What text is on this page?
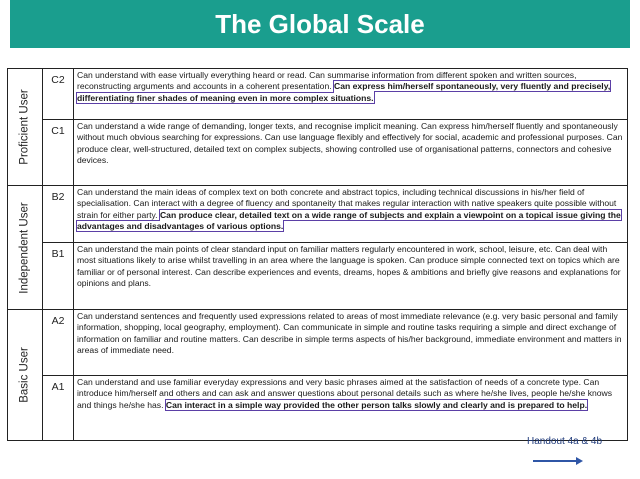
The Global Scale
Proficient User	C2	Can understand with ease virtually everything heard or read. Can summarise information from different spoken and written sources, reconstructing arguments and accounts in a coherent presentation. Can express him/herself spontaneously, very fluently and precisely, differentiating finer shades of meaning even in more complex situations.
	C1	Can understand a wide range of demanding, longer texts, and recognise implicit meaning. Can express him/herself fluently and spontaneously without much obvious searching for expressions. Can use language flexibly and effectively for social, academic and professional purposes. Can produce clear, well-structured, detailed text on complex subjects, showing controlled use of organisational patterns, connectors and cohesive devices.

Independent User	B2	Can understand the main ideas of complex text on both concrete and abstract topics, including technical discussions in his/her field of specialisation. Can interact with a degree of fluency and spontaneity that makes regular interaction with native speakers quite possible without strain for either party. Can produce clear, detailed text on a wide range of subjects and explain a viewpoint on a topical issue giving the advantages and disadvantages of various options.
	B1	Can understand the main points of clear standard input on familiar matters regularly encountered in work, school, leisure, etc. Can deal with most situations likely to arise whilst travelling in an area where the language is spoken. Can produce simple connected text on topics which are familiar or of personal interest. Can describe experiences and events, dreams, hopes & ambitions and briefly give reasons and explanations for opinions and plans.

Basic User	A2	Can understand sentences and frequently used expressions related to areas of most immediate relevance (e.g. very basic personal and family information, shopping, local geography, employment). Can communicate in simple and routine tasks requiring a simple and direct exchange of information on familiar and routine matters. Can describe in simple terms aspects of his/her background, immediate environment and matters in areas of immediate need.
	A1	Can understand and use familiar everyday expressions and very basic phrases aimed at the satisfaction of needs of a concrete type. Can introduce him/herself and others and can ask and answer questions about personal details such as where he/she lives, people he/she knows and things he/she has. Can interact in a simple way provided the other person talks slowly and clearly and is prepared to help.
Handout 4a & 4b
